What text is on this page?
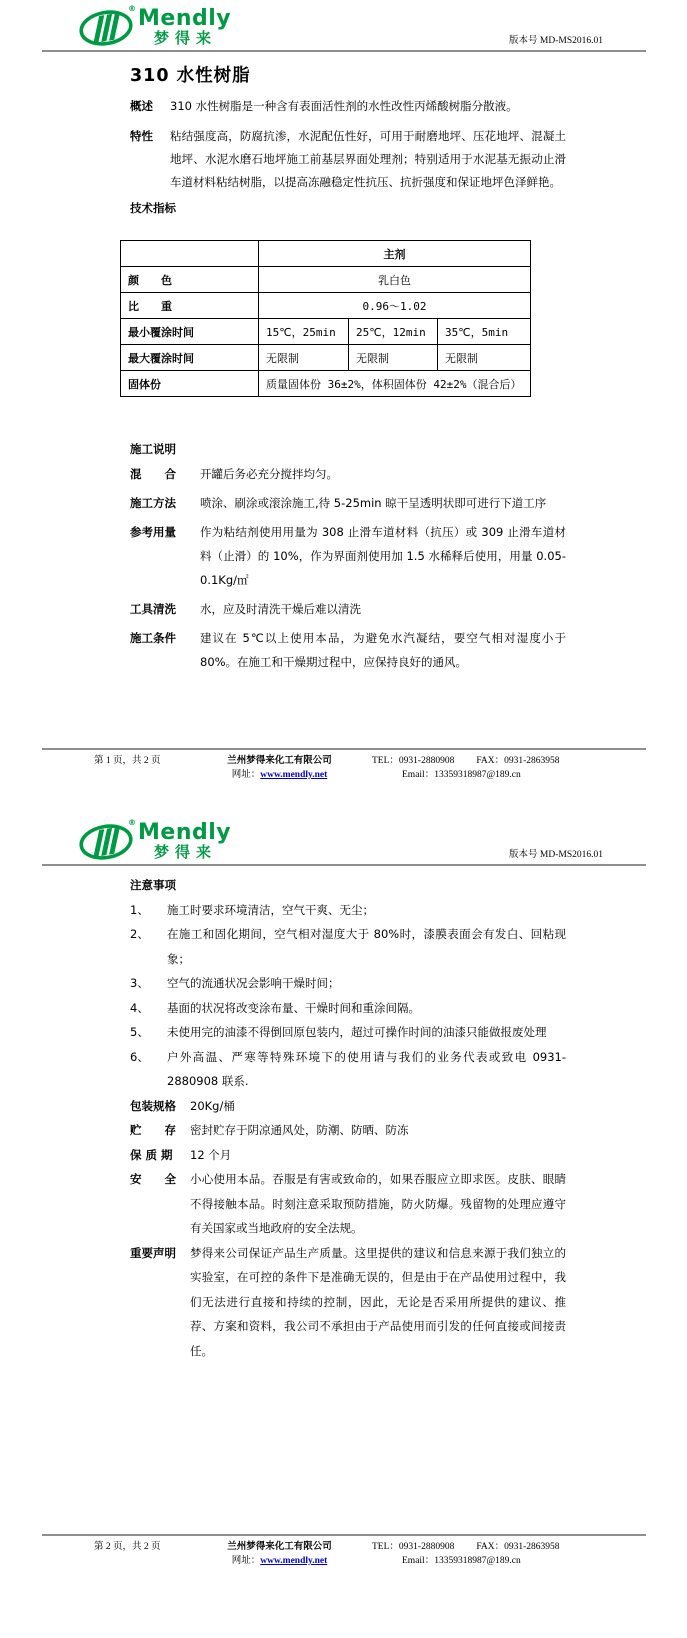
® Mendly
梦得来	版本号 MD-MS2016.01
310 水性树脂
概述	310 水性树脂是一种含有表面活性剂的水性改性丙烯酸树脂分散液。
特性	粘结强度高，防腐抗渗，水泥配伍性好，可用于耐磨地坪、压花地坪、混凝土地坪、水泥水磨石地坪施工前基层界面处理剂；特别适用于水泥基无振动止滑车道材料粘结树脂，以提高冻融稳定性抗压、抗折强度和保证地坪色泽鲜艳。
技术指标
	主剂		
颜　　色	乳白色		
比　　重	0.96～1.02		
最小覆涂时间	15℃，25min	25℃，12min	35℃，5min
最大覆涂时间	无限制	无限制	无限制
固体份	质量固体份 36±2%，体积固体份 42±2%（混合后）		
施工说明
混　　合	开罐后务必充分搅拌均匀。
施工方法	喷涂、刷涂或滚涂施工,待 5-25min 晾干呈透明状即可进行下道工序
参考用量	作为粘结剂使用用量为 308 止滑车道材料（抗压）或 309 止滑车道材料（止滑）的 10%，作为界面剂使用加 1.5 水稀释后使用，用量 0.05-0.1Kg/㎡
工具清洗	水，应及时清洗干燥后难以清洗
施工条件	建议在 5℃以上使用本品，为避免水汽凝结，要空气相对湿度小于 80%。在施工和干燥期过程中，应保持良好的通风。
第 1 页，共 2 页	兰州梦得来化工有限公司
网址：www.mendly.net
TEL：0931-2880908 FAX：0931-2863958
Email：13359318987@189.cn
® Mendly
梦得来	版本号 MD-MS2016.01
注意事项
1、	施工时要求环境清洁，空气干爽、无尘；
2、	在施工和固化期间，空气相对湿度大于 80%时，漆膜表面会有发白、回粘现象；
3、	空气的流通状况会影响干燥时间；
4、	基面的状况将改变涂布量、干燥时间和重涂间隔。
5、	未使用完的油漆不得倒回原包装内，超过可操作时间的油漆只能做报废处理
6、	户外高温、严寒等特殊环境下的使用请与我们的业务代表或致电 0931-2880908 联系.
包装规格	20Kg/桶
贮　　存	密封贮存于阴凉通风处，防潮、防晒、防冻
保 质 期	12 个月
安　　全	小心使用本品。吞服是有害或致命的，如果吞服应立即求医。皮肤、眼睛不得接触本品。时刻注意采取预防措施，防火防爆。残留物的处理应遵守有关国家或当地政府的安全法规。
重要声明	梦得来公司保证产品生产质量。这里提供的建议和信息来源于我们独立的实验室，在可控的条件下是准确无误的，但是由于在产品使用过程中，我们无法进行直接和持续的控制，因此，无论是否采用所提供的建议、推荐、方案和资料，我公司不承担由于产品使用而引发的任何直接或间接责任。
第 2 页，共 2 页	兰州梦得来化工有限公司
网址：www.mendly.net
TEL：0931-2880908 FAX：0931-2863958
Email：13359318987@189.cn
